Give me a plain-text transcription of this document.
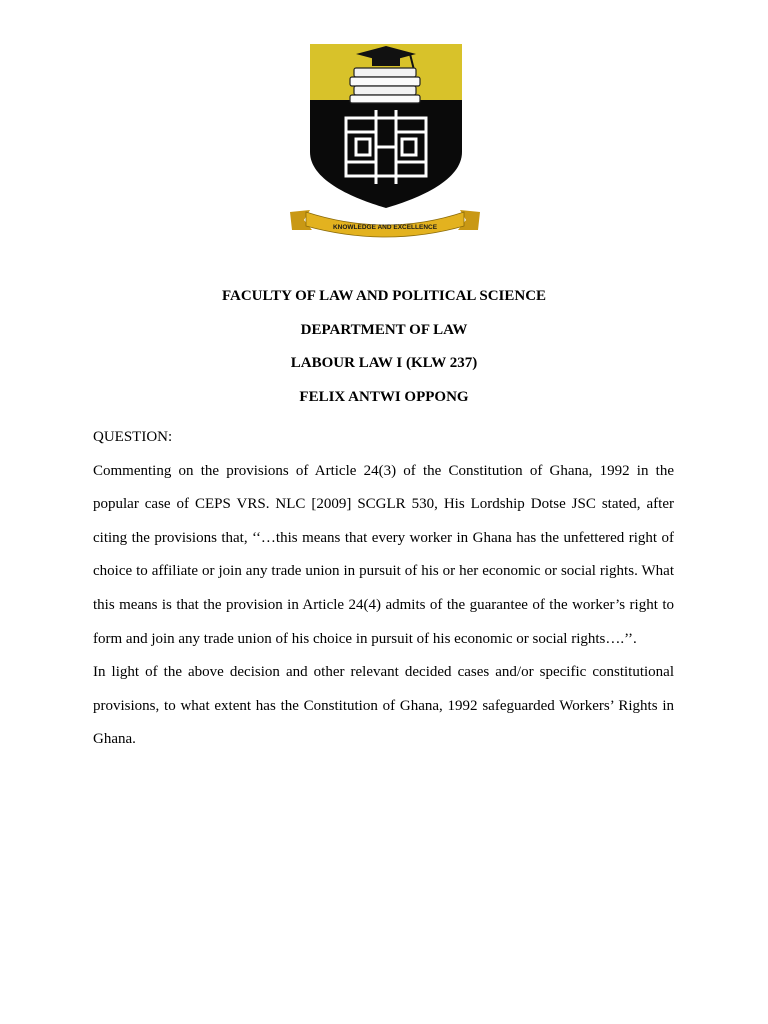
KNOWLEDGE AND EXCELLENCE

FACULTY OF LAW AND POLITICAL SCIENCE

DEPARTMENT OF LAW

LABOUR LAW I (KLW 237)

FELIX ANTWI OPPONG

QUESTION:

Commenting on the provisions of Article 24(3) of the Constitution of Ghana, 1992 in the popular case of CEPS VRS. NLC [2009] SCGLR 530, His Lordship Dotse JSC stated, after citing the provisions that, ‘‘…this means that every worker in Ghana has the unfettered right of choice to affiliate or join any trade union in pursuit of his or her economic or social rights. What this means is that the provision in Article 24(4) admits of the guarantee of the worker’s right to form and join any trade union of his choice in pursuit of his economic or social rights….’’.

In light of the above decision and other relevant decided cases and/or specific constitutional provisions, to what extent has the Constitution of Ghana, 1992 safeguarded Workers’ Rights in Ghana.
